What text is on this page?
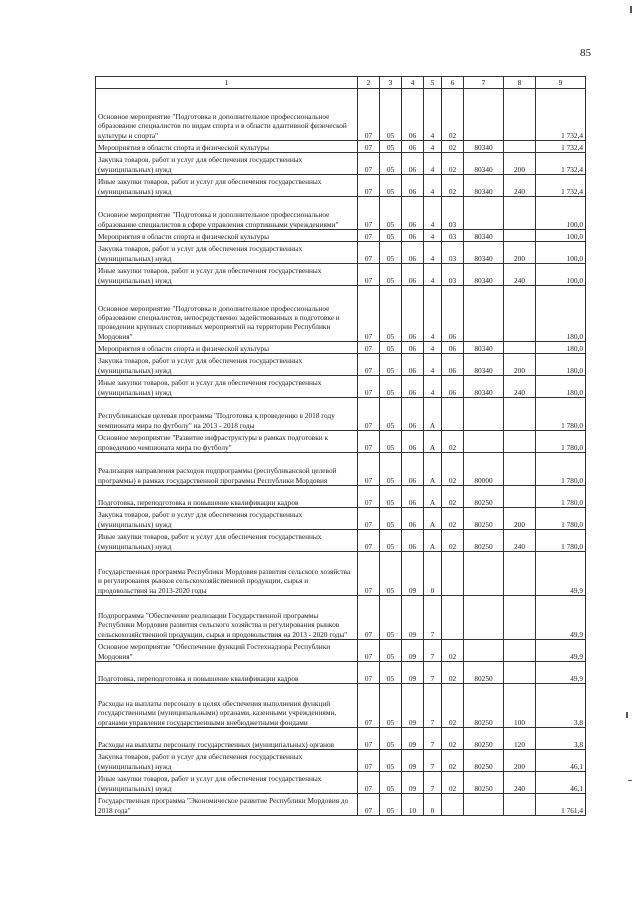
85
1	2	3	4	5	6	7	8	9
Основное мероприятие "Подготовка и дополнительное профессиональное образование специалистов по видам спорта и в области адаптивной физической культуры и спорта"	07	05	06	4	02			1 732,4
Мероприятия в области спорта и физической культуры	07	05	06	4	02	80340		1 732,4
Закупка товаров, работ и услуг для обеспечения государственных (муниципальных) нужд	07	05	06	4	02	80340	200	1 732,4
Иные закупки товаров, работ и услуг для обеспечения государственных (муниципальных) нужд	07	05	06	4	02	80340	240	1 732,4
Основное мероприятие "Подготовка и дополнительное профессиональное образование специалистов в сфере управления спортивными учреждениями"	07	05	06	4	03			100,0
Мероприятия в области спорта и физической культуры	07	05	06	4	03	80340		100,0
Закупка товаров, работ и услуг для обеспечения государственных (муниципальных) нужд	07	05	06	4	03	80340	200	100,0
Иные закупки товаров, работ и услуг для обеспечения государственных (муниципальных) нужд	07	05	06	4	03	80340	240	100,0
Основное мероприятие "Подготовка и дополнительное профессиональное образование специалистов, непосредственно задействованных в подготовке и проведении крупных спортивных мероприятий на территории Республики Мордовия"	07	05	06	4	06			180,0
Мероприятия в области спорта и физической культуры	07	05	06	4	06	80340		180,0
Закупка товаров, работ и услуг для обеспечения государственных (муниципальных) нужд	07	05	06	4	06	80340	200	180,0
Иные закупки товаров, работ и услуг для обеспечения государственных (муниципальных) нужд	07	05	06	4	06	80340	240	180,0
Республиканская целевая программа "Подготовка к проведению в 2018 году чемпионата мира по футболу" на 2013 - 2018 годы	07	05	06	А				1 780,0
Основное мероприятие "Развитие инфраструктуры в рамках подготовки к проведению чемпионата мира по футболу"	07	05	06	А	02			1 780,0
Реализация направления расходов подпрограммы (республиканской целевой программы) в рамках государственной программы Республики Мордовия	07	05	06	А	02	80000		1 780,0
Подготовка, переподготовка и повышение квалификации кадров	07	05	06	А	02	80250		1 780,0
Закупка товаров, работ и услуг для обеспечения государственных (муниципальных) нужд	07	05	06	А	02	80250	200	1 780,0
Иные закупки товаров, работ и услуг для обеспечения государственных (муниципальных) нужд	07	05	06	А	02	80250	240	1 780,0
Государственная программа Республики Мордовия развития сельского хозяйства и регулирования рынков сельскохозяйственной продукции, сырья и продовольствия на 2013-2020 годы	07	05	09	0				49,9
Подпрограмма "Обеспечение реализации Государственной программы Республики Мордовия развития сельского хозяйства и регулирования рынков сельскохозяйственной продукции, сырья и продовольствия на 2013 - 2020 годы"	07	05	09	7				49,9
Основное мероприятие "Обеспечение функций Гостехнадзора Республики Мордовия"	07	05	09	7	02			49,9
Подготовка, переподготовка и повышение квалификации кадров	07	05	09	7	02	80250		49,9
Расходы на выплаты персоналу в целях обеспечения выполнения функций государственными (муниципальными) органами, казенными учреждениями, органами управления государственными внебюджетными фондами	07	05	09	7	02	80250	100	3,8
Расходы на выплаты персоналу государственных (муниципальных) органов	07	05	09	7	02	80250	120	3,8
Закупка товаров, работ и услуг для обеспечения государственных (муниципальных) нужд	07	05	09	7	02	80250	200	46,1
Иные закупки товаров, работ и услуг для обеспечения государственных (муниципальных) нужд	07	05	09	7	02	80250	240	46,1
Государственная программа "Экономическое развитие Республики Мордовия до 2018 года"	07	05	10	0				1 761,4
